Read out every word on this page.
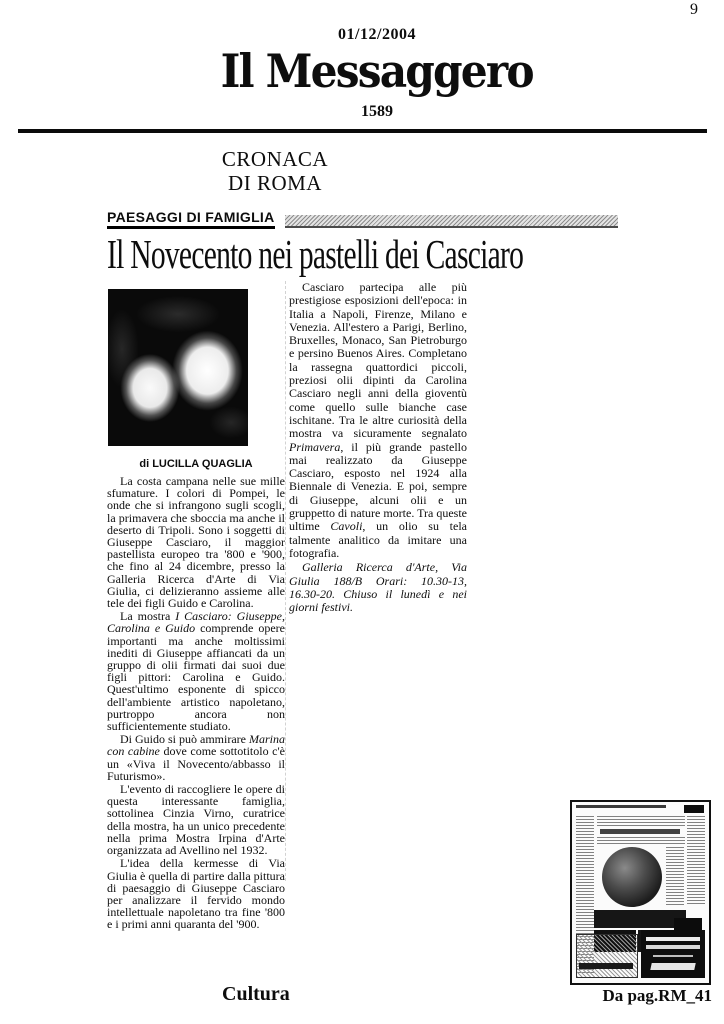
9
01/12/2004
Il Messaggero
1589
CRONACA
DI ROMA
PAESAGGI DI FAMIGLIA
Il Novecento nei pastelli dei Casciaro
di LUCILLA QUAGLIA

La costa campana nelle sue mille sfumature. I colori di Pompei, le onde che si infrangono sugli scogli, la primavera che sboccia ma anche il deserto di Tripoli. Sono i soggetti di Giuseppe Casciaro, il maggior pastellista europeo tra '800 e '900, che fino al 24 dicembre, presso la Galleria Ricerca d'Arte di Via Giulia, ci delizieranno assieme alle tele dei figli Guido e Carolina.

La mostra I Casciaro: Giuseppe, Carolina e Guido comprende opere importanti ma anche moltissimi inediti di Giuseppe affiancati da un gruppo di olii firmati dai suoi due figli pittori: Carolina e Guido. Quest'ultimo esponente di spicco dell'ambiente artistico napoletano, purtroppo ancora non sufficientemente studiato.

Di Guido si può ammirare Marina con cabine dove come sottotitolo c'è un «Viva il Novecento/abbasso il Futurismo».

L'evento di raccogliere le opere di questa interessante famiglia, sottolinea Cinzia Virno, curatrice della mostra, ha un unico precedente nella prima Mostra Irpina d'Arte organizzata ad Avellino nel 1932.

L'idea della kermesse di Via Giulia è quella di partire dalla pittura di paesaggio di Giuseppe Casciaro per analizzare il fervido mondo intellettuale napoletano tra fine '800 e i primi anni quaranta del '900.

Casciaro partecipa alle più prestigiose esposizioni dell'epoca: in Italia a Napoli, Firenze, Milano e Venezia. All'estero a Parigi, Berlino, Bruxelles, Monaco, San Pietroburgo e persino Buenos Aires. Completano la rassegna quattordici piccoli, preziosi olii dipinti da Carolina Casciaro negli anni della gioventù come quello sulle bianche case ischitane. Tra le altre curiosità della mostra va sicuramente segnalato Primavera, il più grande pastello mai realizzato da Giuseppe Casciaro, esposto nel 1924 alla Biennale di Venezia. E poi, sempre di Giuseppe, alcuni olii e un gruppetto di nature morte. Tra queste ultime Cavoli, un olio su tela talmente analitico da imitare una fotografia.

Galleria Ricerca d'Arte, Via Giulia 188/B Orari: 10.30-13, 16.30-20. Chiuso il lunedì e nei giorni festivi.

Cultura	Da pag.RM_41
